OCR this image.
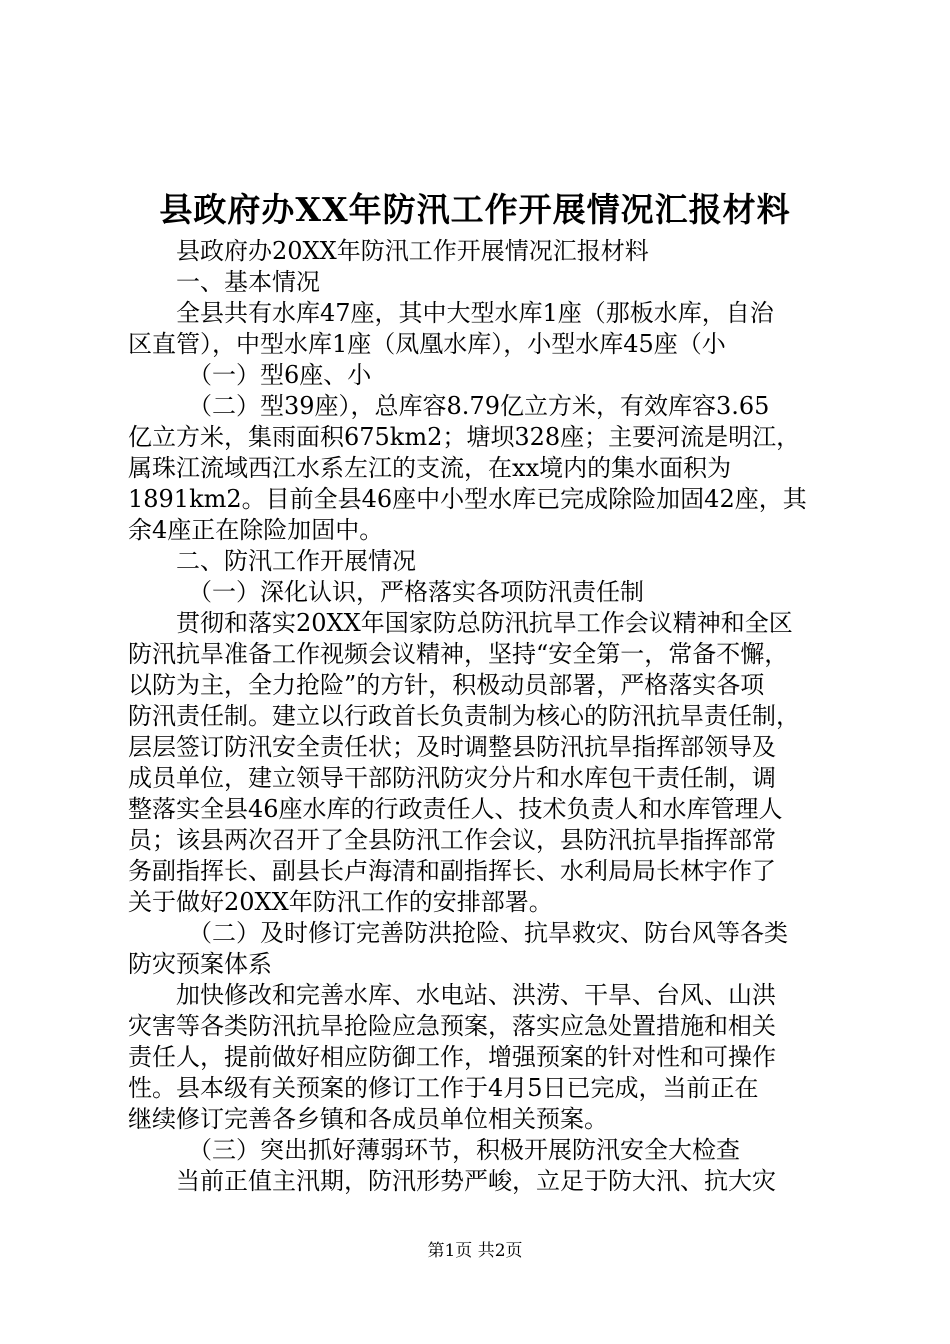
县政府办XX年防汛工作开展情况汇报材料
县政府办20XX年防汛工作开展情况汇报材料
一、基本情况
全县共有水库47座，其中大型水库1座（那板水库，自治
区直管），中型水库1座（凤凰水库），小型水库45座（小
（一）型6座、小
（二）型39座），总库容8.79亿立方米，有效库容3.65
亿立方米，集雨面积675km2；塘坝328座；主要河流是明江，
属珠江流域西江水系左江的支流，在xx境内的集水面积为
1891km2。目前全县46座中小型水库已完成除险加固42座，其
余4座正在除险加固中。
二、防汛工作开展情况
（一）深化认识，严格落实各项防汛责任制
贯彻和落实20XX年国家防总防汛抗旱工作会议精神和全区
防汛抗旱准备工作视频会议精神，坚持“安全第一，常备不懈，
以防为主，全力抢险”的方针，积极动员部署，严格落实各项
防汛责任制。建立以行政首长负责制为核心的防汛抗旱责任制，
层层签订防汛安全责任状；及时调整县防汛抗旱指挥部领导及
成员单位，建立领导干部防汛防灾分片和水库包干责任制，调
整落实全县46座水库的行政责任人、技术负责人和水库管理人
员；该县两次召开了全县防汛工作会议，县防汛抗旱指挥部常
务副指挥长、副县长卢海清和副指挥长、水利局局长林宇作了
关于做好20XX年防汛工作的安排部署。
（二）及时修订完善防洪抢险、抗旱救灾、防台风等各类
防灾预案体系
加快修改和完善水库、水电站、洪涝、干旱、台风、山洪
灾害等各类防汛抗旱抢险应急预案，落实应急处置措施和相关
责任人，提前做好相应防御工作，增强预案的针对性和可操作
性。县本级有关预案的修订工作于4月5日已完成，当前正在
继续修订完善各乡镇和各成员单位相关预案。
（三）突出抓好薄弱环节，积极开展防汛安全大检查
当前正值主汛期，防汛形势严峻，立足于防大汛、抗大灾
第1页 共2页
